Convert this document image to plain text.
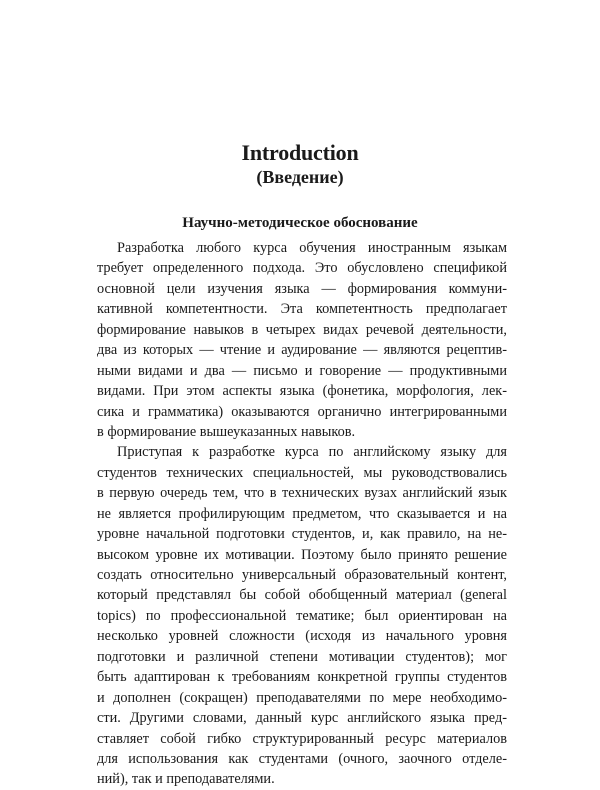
Introduction
(Введение)
Научно-методическое обоснование
Разработка любого курса обучения иностранным языкам
требует определенного подхода. Это обусловлено спецификой
основной цели изучения языка — формирования коммуни-
кативной компетентности. Эта компетентность предполагает
формирование навыков в четырех видах речевой деятельности,
два из которых — чтение и аудирование — являются рецептив-
ными видами и два — письмо и говорение — продуктивными
видами. При этом аспекты языка (фонетика, морфология, лек-
сика и грамматика) оказываются органично интегрированными
в формирование вышеуказанных навыков.
Приступая к разработке курса по английскому языку для
студентов технических специальностей, мы руководствовались
в первую очередь тем, что в технических вузах английский язык
не является профилирующим предметом, что сказывается и на
уровне начальной подготовки студентов, и, как правило, на не-
высоком уровне их мотивации. Поэтому было принято решение
создать относительно универсальный образовательный контент,
который представлял бы собой обобщенный материал (general
topics) по профессиональной тематике; был ориентирован на
несколько уровней сложности (исходя из начального уровня
подготовки и различной степени мотивации студентов); мог
быть адаптирован к требованиям конкретной группы студентов
и дополнен (сокращен) преподавателями по мере необходимо-
сти. Другими словами, данный курс английского языка пред-
ставляет собой гибко структурированный ресурс материалов
для использования как студентами (очного, заочного отделе-
ний), так и преподавателями.
